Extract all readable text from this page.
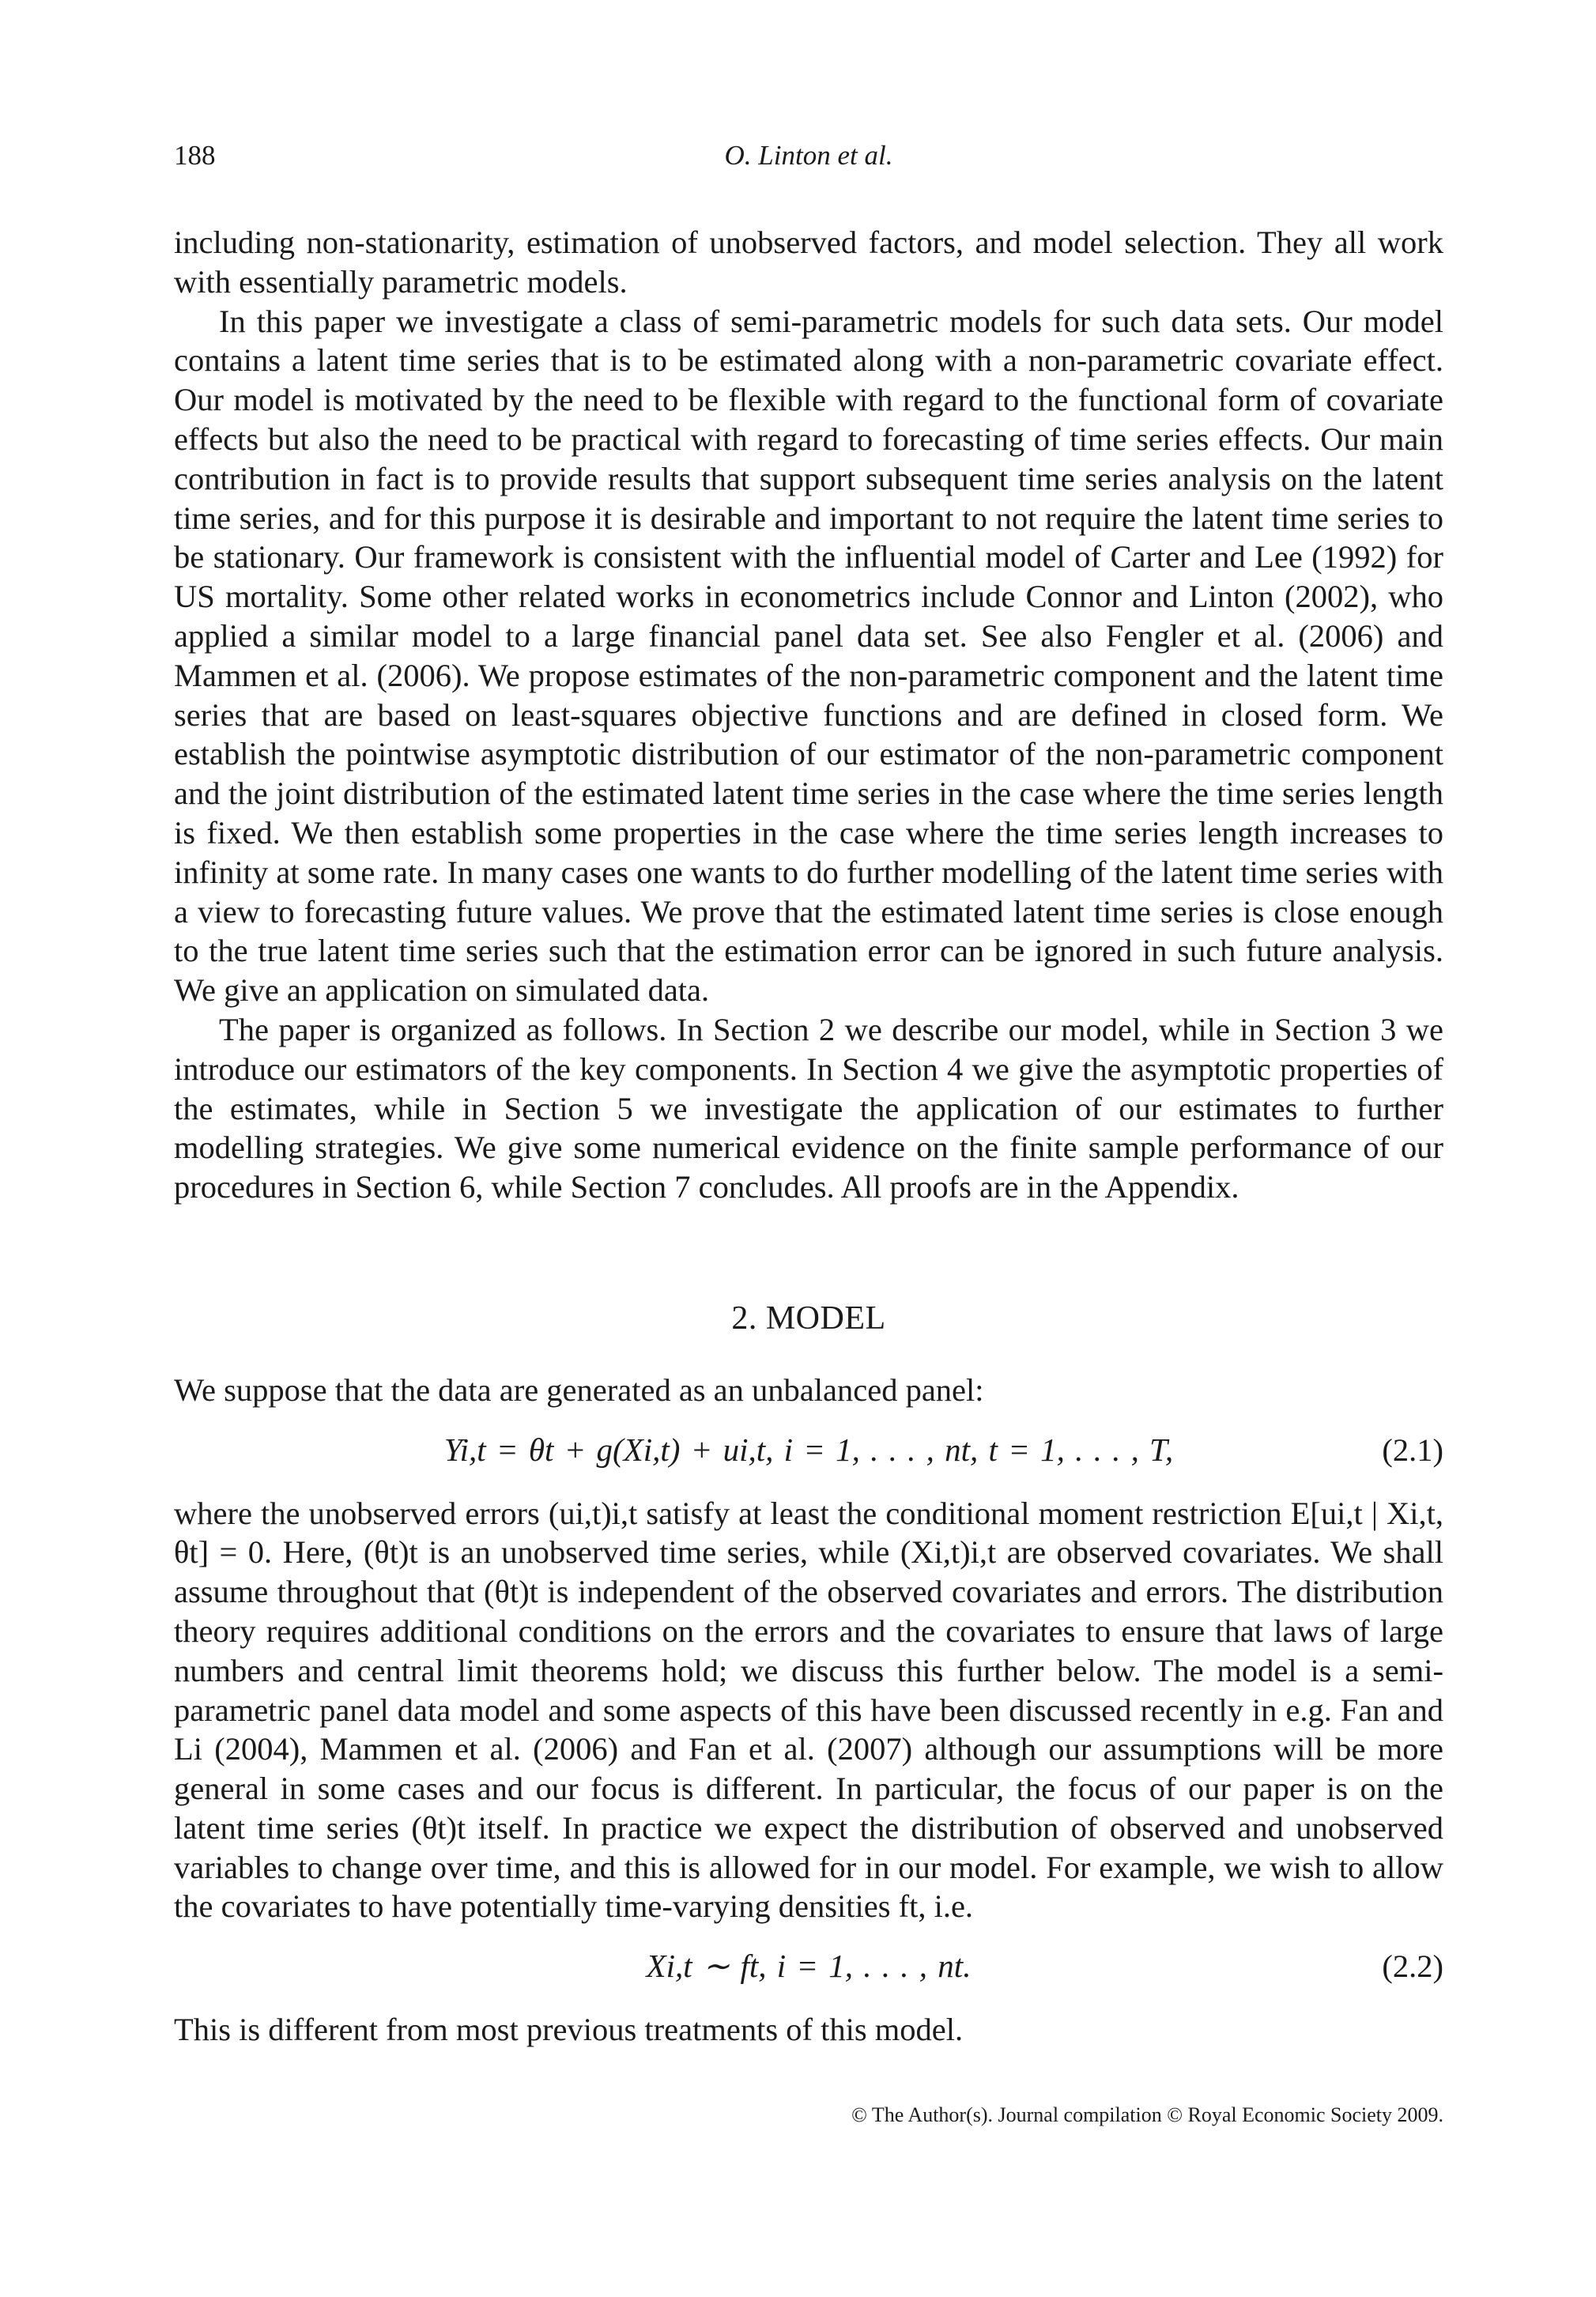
188	O. Linton et al.

including non-stationarity, estimation of unobserved factors, and model selection. They all work with essentially parametric models.

In this paper we investigate a class of semi-parametric models for such data sets. Our model contains a latent time series that is to be estimated along with a non-parametric covariate effect. Our model is motivated by the need to be flexible with regard to the functional form of covariate effects but also the need to be practical with regard to forecasting of time series effects. Our main contribution in fact is to provide results that support subsequent time series analysis on the latent time series, and for this purpose it is desirable and important to not require the latent time series to be stationary. Our framework is consistent with the influential model of Carter and Lee (1992) for US mortality. Some other related works in econometrics include Connor and Linton (2002), who applied a similar model to a large financial panel data set. See also Fengler et al. (2006) and Mammen et al. (2006). We propose estimates of the non-parametric component and the latent time series that are based on least-squares objective functions and are defined in closed form. We establish the pointwise asymptotic distribution of our estimator of the non-parametric component and the joint distribution of the estimated latent time series in the case where the time series length is fixed. We then establish some properties in the case where the time series length increases to infinity at some rate. In many cases one wants to do further modelling of the latent time series with a view to forecasting future values. We prove that the estimated latent time series is close enough to the true latent time series such that the estimation error can be ignored in such future analysis. We give an application on simulated data.

The paper is organized as follows. In Section 2 we describe our model, while in Section 3 we introduce our estimators of the key components. In Section 4 we give the asymptotic properties of the estimates, while in Section 5 we investigate the application of our estimates to further modelling strategies. We give some numerical evidence on the finite sample performance of our procedures in Section 6, while Section 7 concludes. All proofs are in the Appendix.

2. MODEL

We suppose that the data are generated as an unbalanced panel:

Yi,t = θt + g(Xi,t) + ui,t, i = 1, . . . , nt, t = 1, . . . , T,	(2.1)

where the unobserved errors (ui,t)i,t satisfy at least the conditional moment restriction E[ui,t | Xi,t, θt] = 0. Here, (θt)t is an unobserved time series, while (Xi,t)i,t are observed covariates. We shall assume throughout that (θt)t is independent of the observed covariates and errors. The distribution theory requires additional conditions on the errors and the covariates to ensure that laws of large numbers and central limit theorems hold; we discuss this further below. The model is a semi-parametric panel data model and some aspects of this have been discussed recently in e.g. Fan and Li (2004), Mammen et al. (2006) and Fan et al. (2007) although our assumptions will be more general in some cases and our focus is different. In particular, the focus of our paper is on the latent time series (θt)t itself. In practice we expect the distribution of observed and unobserved variables to change over time, and this is allowed for in our model. For example, we wish to allow the covariates to have potentially time-varying densities ft, i.e.

Xi,t ∼ ft, i = 1, . . . , nt.	(2.2)

This is different from most previous treatments of this model.

© The Author(s). Journal compilation © Royal Economic Society 2009.
